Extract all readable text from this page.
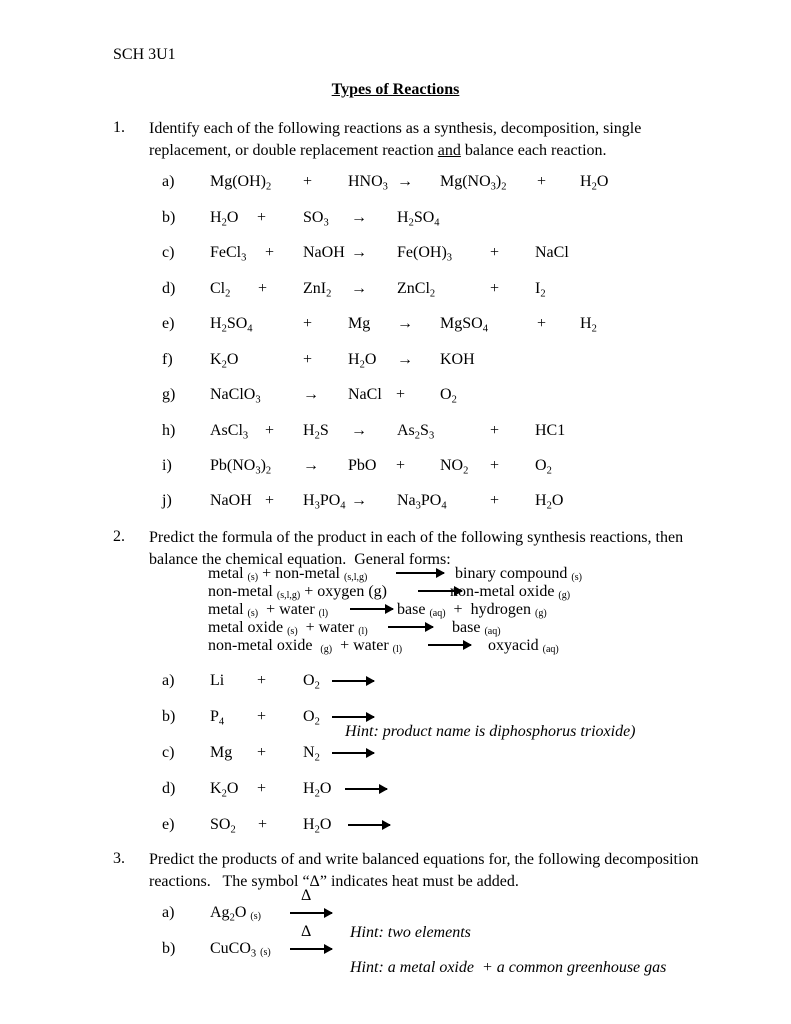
SCH 3U1
Types of Reactions
1. Identify each of the following reactions as a synthesis, decomposition, single replacement, or double replacement reaction and balance each reaction.
2. Predict the formula of the product in each of the following synthesis reactions, then balance the chemical equation.  General forms:
Hint: product name is diphosphorus trioxide)
3. Predict the products of and write balanced equations for, the following decomposition reactions.   The symbol “Δ” indicates heat must be added.
Hint: two elements
Hint: a metal oxide  + a common greenhouse gas
a) $Mg(OH)_2 + HNO_3 \to Mg(NO_3)_2 + H_2O$
b) $H_2O + SO_3 \to H_2SO_4$
c) FeCl$_3$ + NaOH → $Fe(OH)_3$ + NaCl
d) $Cl_2 + ZnI_2$ → ZnCl$_2$	+ $I_2$
e) $H_2SO_4$	+ Mg → MgSO$_4$	+ $H_2$
f) $K_2O$	+ $H_2O$ → KOH
g) NaClO$_3$	→ NaCl + $O_2$
h) AsCl$_3$ + $H_2S \to As_2S_3$	+ HC1
i) $Pb(NO_3)_2$ → PbO + $NO_2 + O_2$
j) NaOH + $H_3PO_4 \to Na_3PO_4$	+ $H_2O$
metal (s) + non-metal (s,l,g) → binary compound (s)
non-metal (s,l,g) + oxygen (g)	non-metal oxide (g)
metal (s)  + water (l) → base (aq)  +  hydrogen (g)
metal oxide (s)  + water (l) → base (aq)
non-metal oxide  (g)  + water (l) → oxyacid (aq)
a) $Li + O_2$ →
b) $P_4 + O_2$ →
c) $Mg + N_2$ →
d) $K_2O + H_2O$ →
e) $SO_2 + H_2O$ →
a) $Ag_2O$ (s)
Δ
b) CuCO$_3$ (s) →
Δ
